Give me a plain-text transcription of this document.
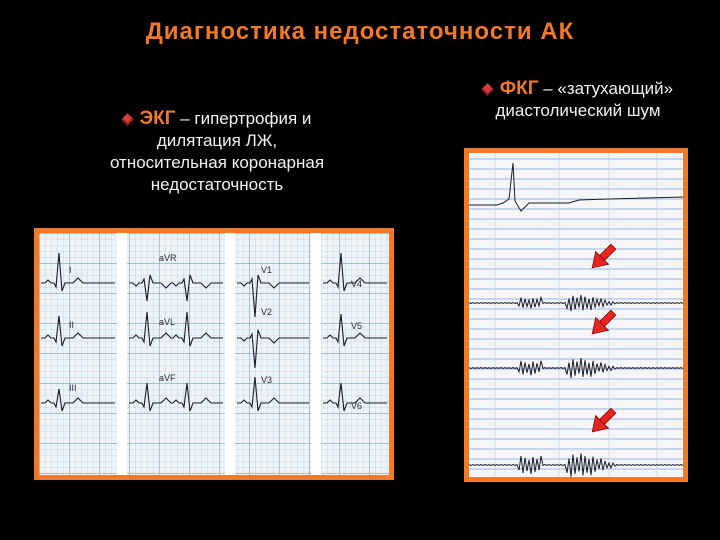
Диагностика недостаточности АК
ЭКГ – гипертрофия и
дилятация ЛЖ,
относительная коронарная
недостаточность
ФКГ – «затухающий»
диастолический шум
I
II
III
aVR
aVL
aVF
V1
V2
V3
V4
V5
V6
